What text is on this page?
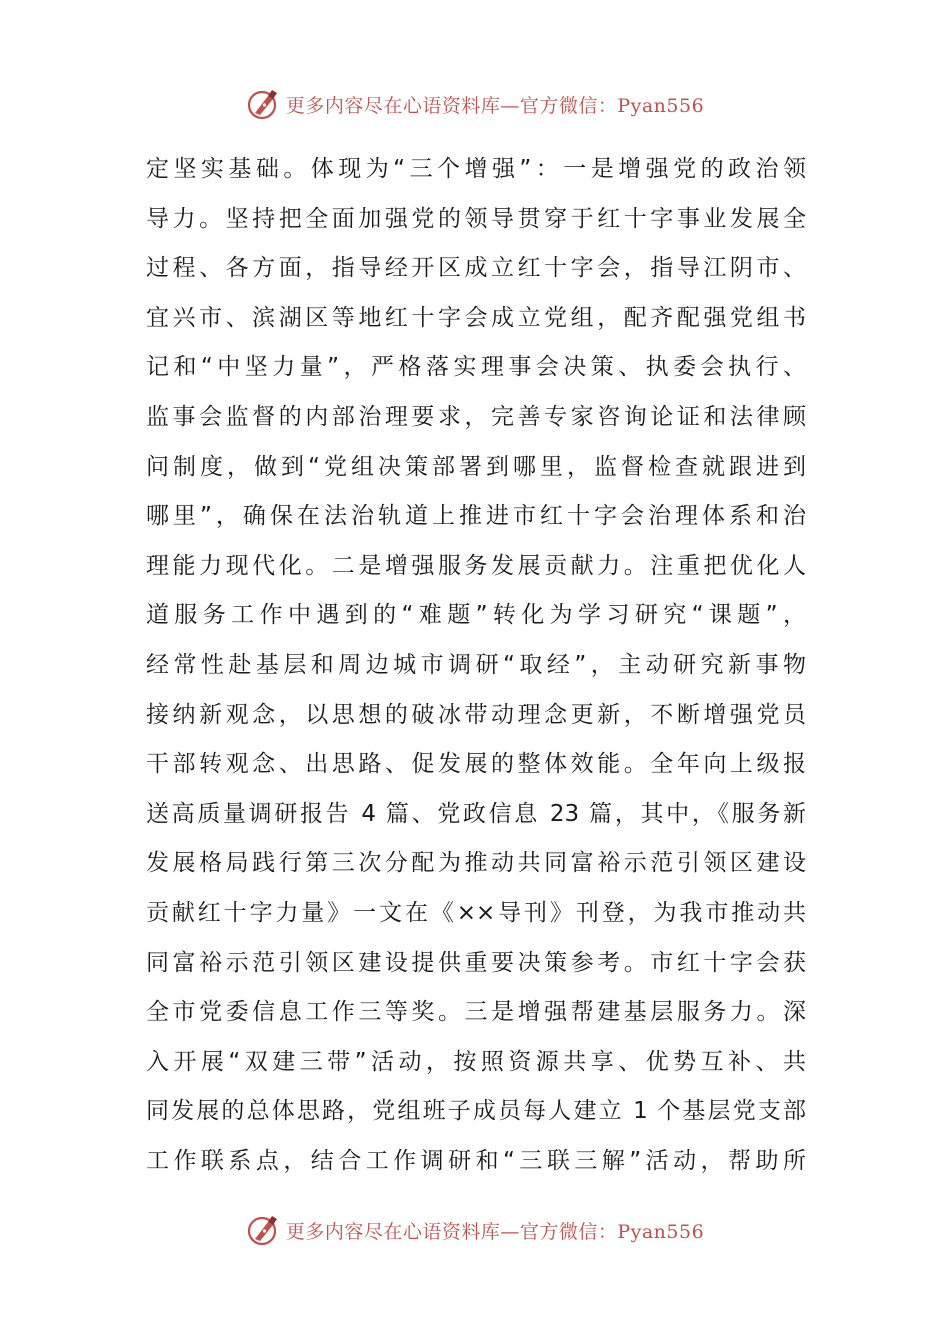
更多内容尽在心语资料库—官方微信：Pyan556
定坚实基础。体现为“三个增强”：一是增强党的政治领
导力。坚持把全面加强党的领导贯穿于红十字事业发展全
过程、各方面，指导经开区成立红十字会，指导江阴市、
宜兴市、滨湖区等地红十字会成立党组，配齐配强党组书
记和“中坚力量”，严格落实理事会决策、执委会执行、
监事会监督的内部治理要求，完善专家咨询论证和法律顾
问制度，做到“党组决策部署到哪里，监督检查就跟进到
哪里”，确保在法治轨道上推进市红十字会治理体系和治
理能力现代化。二是增强服务发展贡献力。注重把优化人
道服务工作中遇到的“难题”转化为学习研究“课题”，
经常性赴基层和周边城市调研“取经”，主动研究新事物
接纳新观念，以思想的破冰带动理念更新，不断增强党员
干部转观念、出思路、促发展的整体效能。全年向上级报
送高质量调研报告 4 篇、党政信息 23 篇，其中，《服务新
发展格局践行第三次分配为推动共同富裕示范引领区建设
贡献红十字力量》一文在《××导刊》刊登，为我市推动共
同富裕示范引领区建设提供重要决策参考。市红十字会获
全市党委信息工作三等奖。三是增强帮建基层服务力。深
入开展“双建三带”活动，按照资源共享、优势互补、共
同发展的总体思路，党组班子成员每人建立 1 个基层党支部
工作联系点，结合工作调研和“三联三解”活动，帮助所
更多内容尽在心语资料库—官方微信：Pyan556
